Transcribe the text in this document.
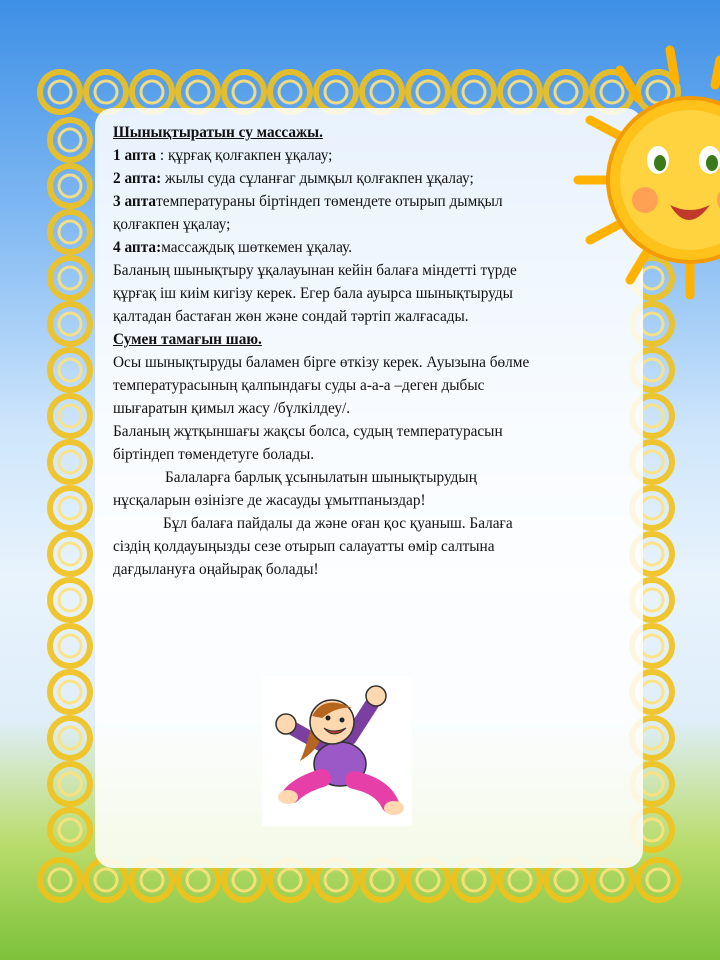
Шынықтыратын су массажы.

1 апта : құрғақ қолғакпен ұқалау;

2 апта: жылы суда сұланғаг дымқыл қолғакпен ұқалау;

3 аптатемператураны біртіндеп төмендете отырып дымқыл қолғакпен ұқалау;

4 апта:массаждық шөткемен ұқалау.

Баланың шынықтыру ұқалауынан кейін балаға міндетті түрде құрғақ іш киім кигізу керек. Егер бала ауырса шынықтыруды қалтадан бастаған жөн және сондай тәртіп жалғасады.

Сумен тамағын шаю.

Осы шынықтыруды баламен бірге өткізу керек. Ауызына бөлме температурасының қалпындағы суды а-а-а –деген дыбыс шығаратын қимыл жасу /бүлкілдеу/.

Баланың жұтқыншағы жақсы болса, судың температурасын біртіндеп төмендетуге болады.

Балаларға барлық ұсынылатын шынықтырудың нұсқаларын өзінізге де жасауды ұмытпаныздар!

Бұл балаға пайдалы да және оған қос қуаныш. Балаға сіздің қолдауыңызды сезе отырып салауатты өмір салтына дағдылануға оңайырақ болады!
